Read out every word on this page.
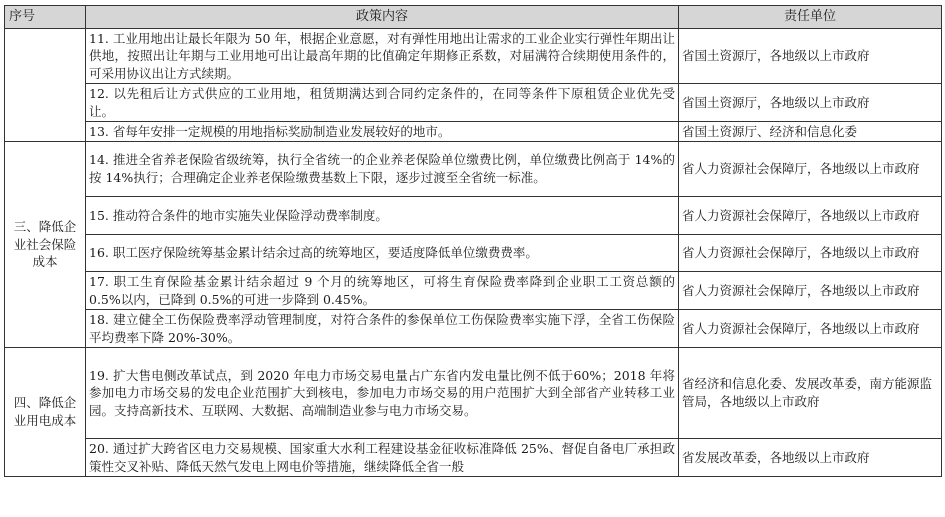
序号	政策内容	责任单位
	11. 工业用地出让最长年限为 50 年，根据企业意愿，对有弹性用地出让需求的工业企业实行弹性年期出让供地，按照出让年期与工业用地可出让最高年期的比值确定年期修正系数，对届满符合续期使用条件的，可采用协议出让方式续期。	省国土资源厅，各地级以上市政府
	12. 以先租后让方式供应的工业用地，租赁期满达到合同约定条件的，在同等条件下原租赁企业优先受让。	省国土资源厅，各地级以上市政府
	13. 省每年安排一定规模的用地指标奖励制造业发展较好的地市。	省国土资源厅、经济和信息化委
三、降低企业社会保险成本	14. 推进全省养老保险省级统筹，执行全省统一的企业养老保险单位缴费比例，单位缴费比例高于 14%的按 14%执行；合理确定企业养老保险缴费基数上下限，逐步过渡至全省统一标准。	省人力资源社会保障厅，各地级以上市政府
	15. 推动符合条件的地市实施失业保险浮动费率制度。	省人力资源社会保障厅，各地级以上市政府
	16. 职工医疗保险统筹基金累计结余过高的统筹地区，要适度降低单位缴费费率。	省人力资源社会保障厅，各地级以上市政府
	17. 职工生育保险基金累计结余超过 9 个月的统筹地区，可将生育保险费率降到企业职工工资总额的 0.5%以内，已降到 0.5%的可进一步降到 0.45%。	省人力资源社会保障厅，各地级以上市政府
	18. 建立健全工伤保险费率浮动管理制度，对符合条件的参保单位工伤保险费率实施下浮，全省工伤保险平均费率下降 20%-30%。	省人力资源社会保障厅，各地级以上市政府
四、降低企业用电成本	19. 扩大售电侧改革试点，到 2020 年电力市场交易电量占广东省内发电量比例不低于60%；2018 年将参加电力市场交易的发电企业范围扩大到核电，参加电力市场交易的用户范围扩大到全部省产业转移工业园。支持高新技术、互联网、大数据、高端制造业参与电力市场交易。	省经济和信息化委、发展改革委，南方能源监管局，各地级以上市政府
	20. 通过扩大跨省区电力交易规模、国家重大水利工程建设基金征收标准降低 25%、督促自备电厂承担政策性交叉补贴、降低天然气发电上网电价等措施，继续降低全省一般	省发展改革委，各地级以上市政府
